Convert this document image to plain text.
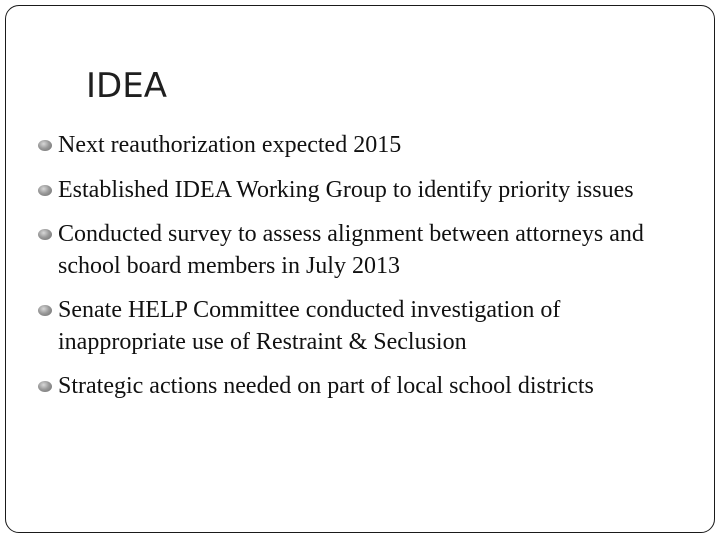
IDEA
Next reauthorization expected 2015
Established IDEA Working Group to identify priority issues
Conducted survey to assess alignment between attorneys and school board members in July 2013
Senate HELP Committee conducted investigation of inappropriate use of Restraint & Seclusion
Strategic actions needed on part of local school districts
